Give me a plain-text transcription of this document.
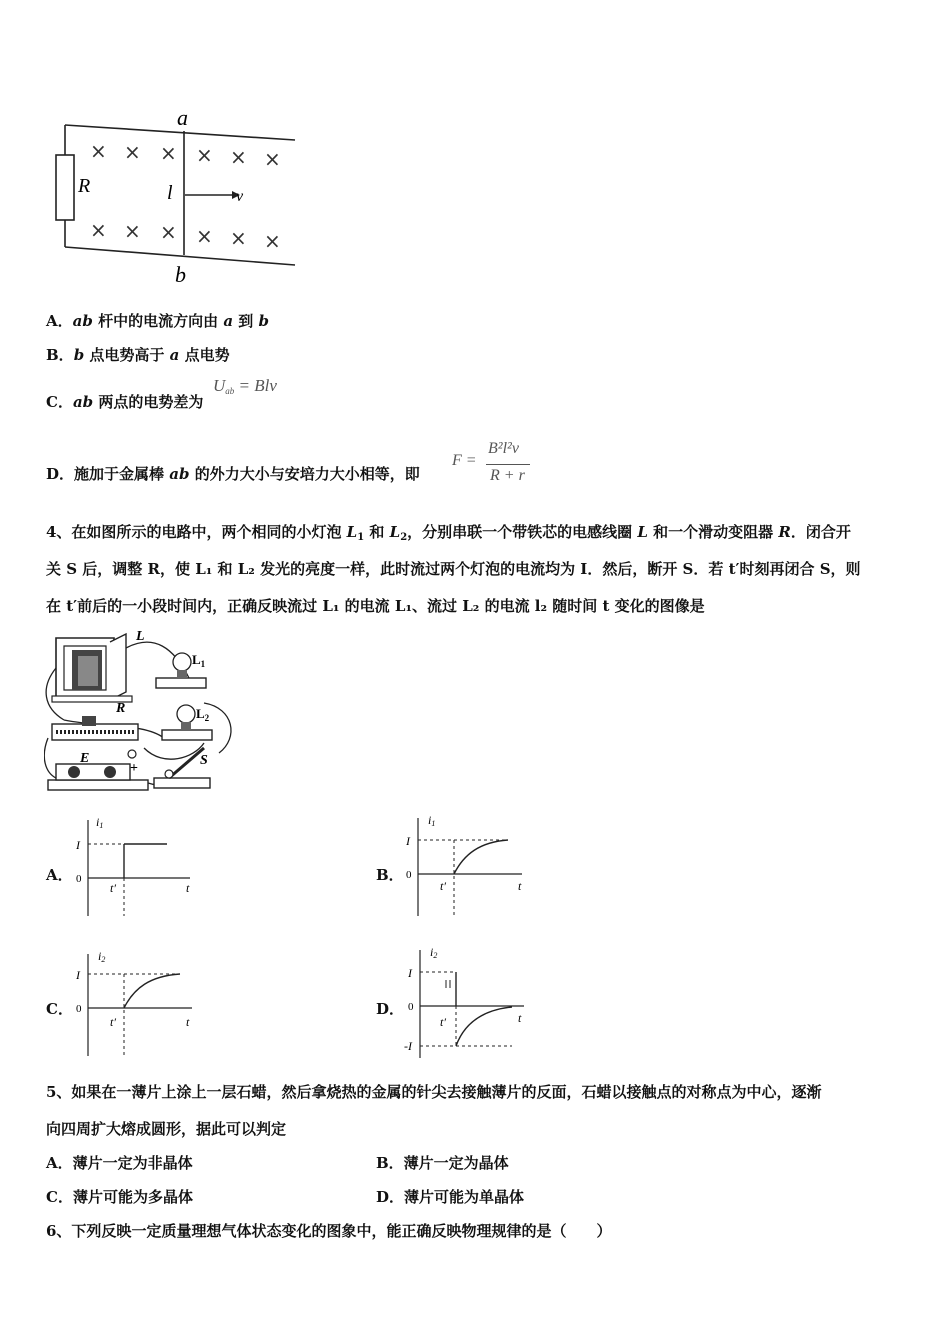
× × × × × ×
× × × × × ×
a
b
R	l	v
A．ab 杆中的电流方向由 a 到 b
B．b 点电势高于 a 点电势
C．ab 两点的电势差为
$U_{ab}$ = Blv
D．施加于金属棒 ab 的外力大小与安培力大小相等，即
F =
B²l²v
R + r
4、在如图所示的电路中，两个相同的小灯泡 $L_1$ 和 $L_2$，分别串联一个带铁芯的电感线圈 L 和一个滑动变阻器 R．闭合开
关 S 后，调整 R，使 L₁ 和 L₂ 发光的亮度一样，此时流过两个灯泡的电流均为 I．然后，断开 S．若 t′时刻再闭合 S，则
在 t′前后的一小段时间内，正确反映流过 L₁ 的电流 L₁、流过 L₂ 的电流 l₂ 随时间 t 变化的图像是
L
$L_1$
$L_2$
R
E	S
+
A．
i1
I
0
t′	t
B．
i1
I
0
t′	t
C．
i2
I
0
t′	t
D．
i2
I
0
t′	t
-I
5、如果在一薄片上涂上一层石蜡，然后拿烧热的金属的针尖去接触薄片的反面，石蜡以接触点的对称点为中心，逐渐
向四周扩大熔成圆形，据此可以判定
A．薄片一定为非晶体	B．薄片一定为晶体
C．薄片可能为多晶体	D．薄片可能为单晶体
6、下列反映一定质量理想气体状态变化的图象中，能正确反映物理规律的是（　　）
